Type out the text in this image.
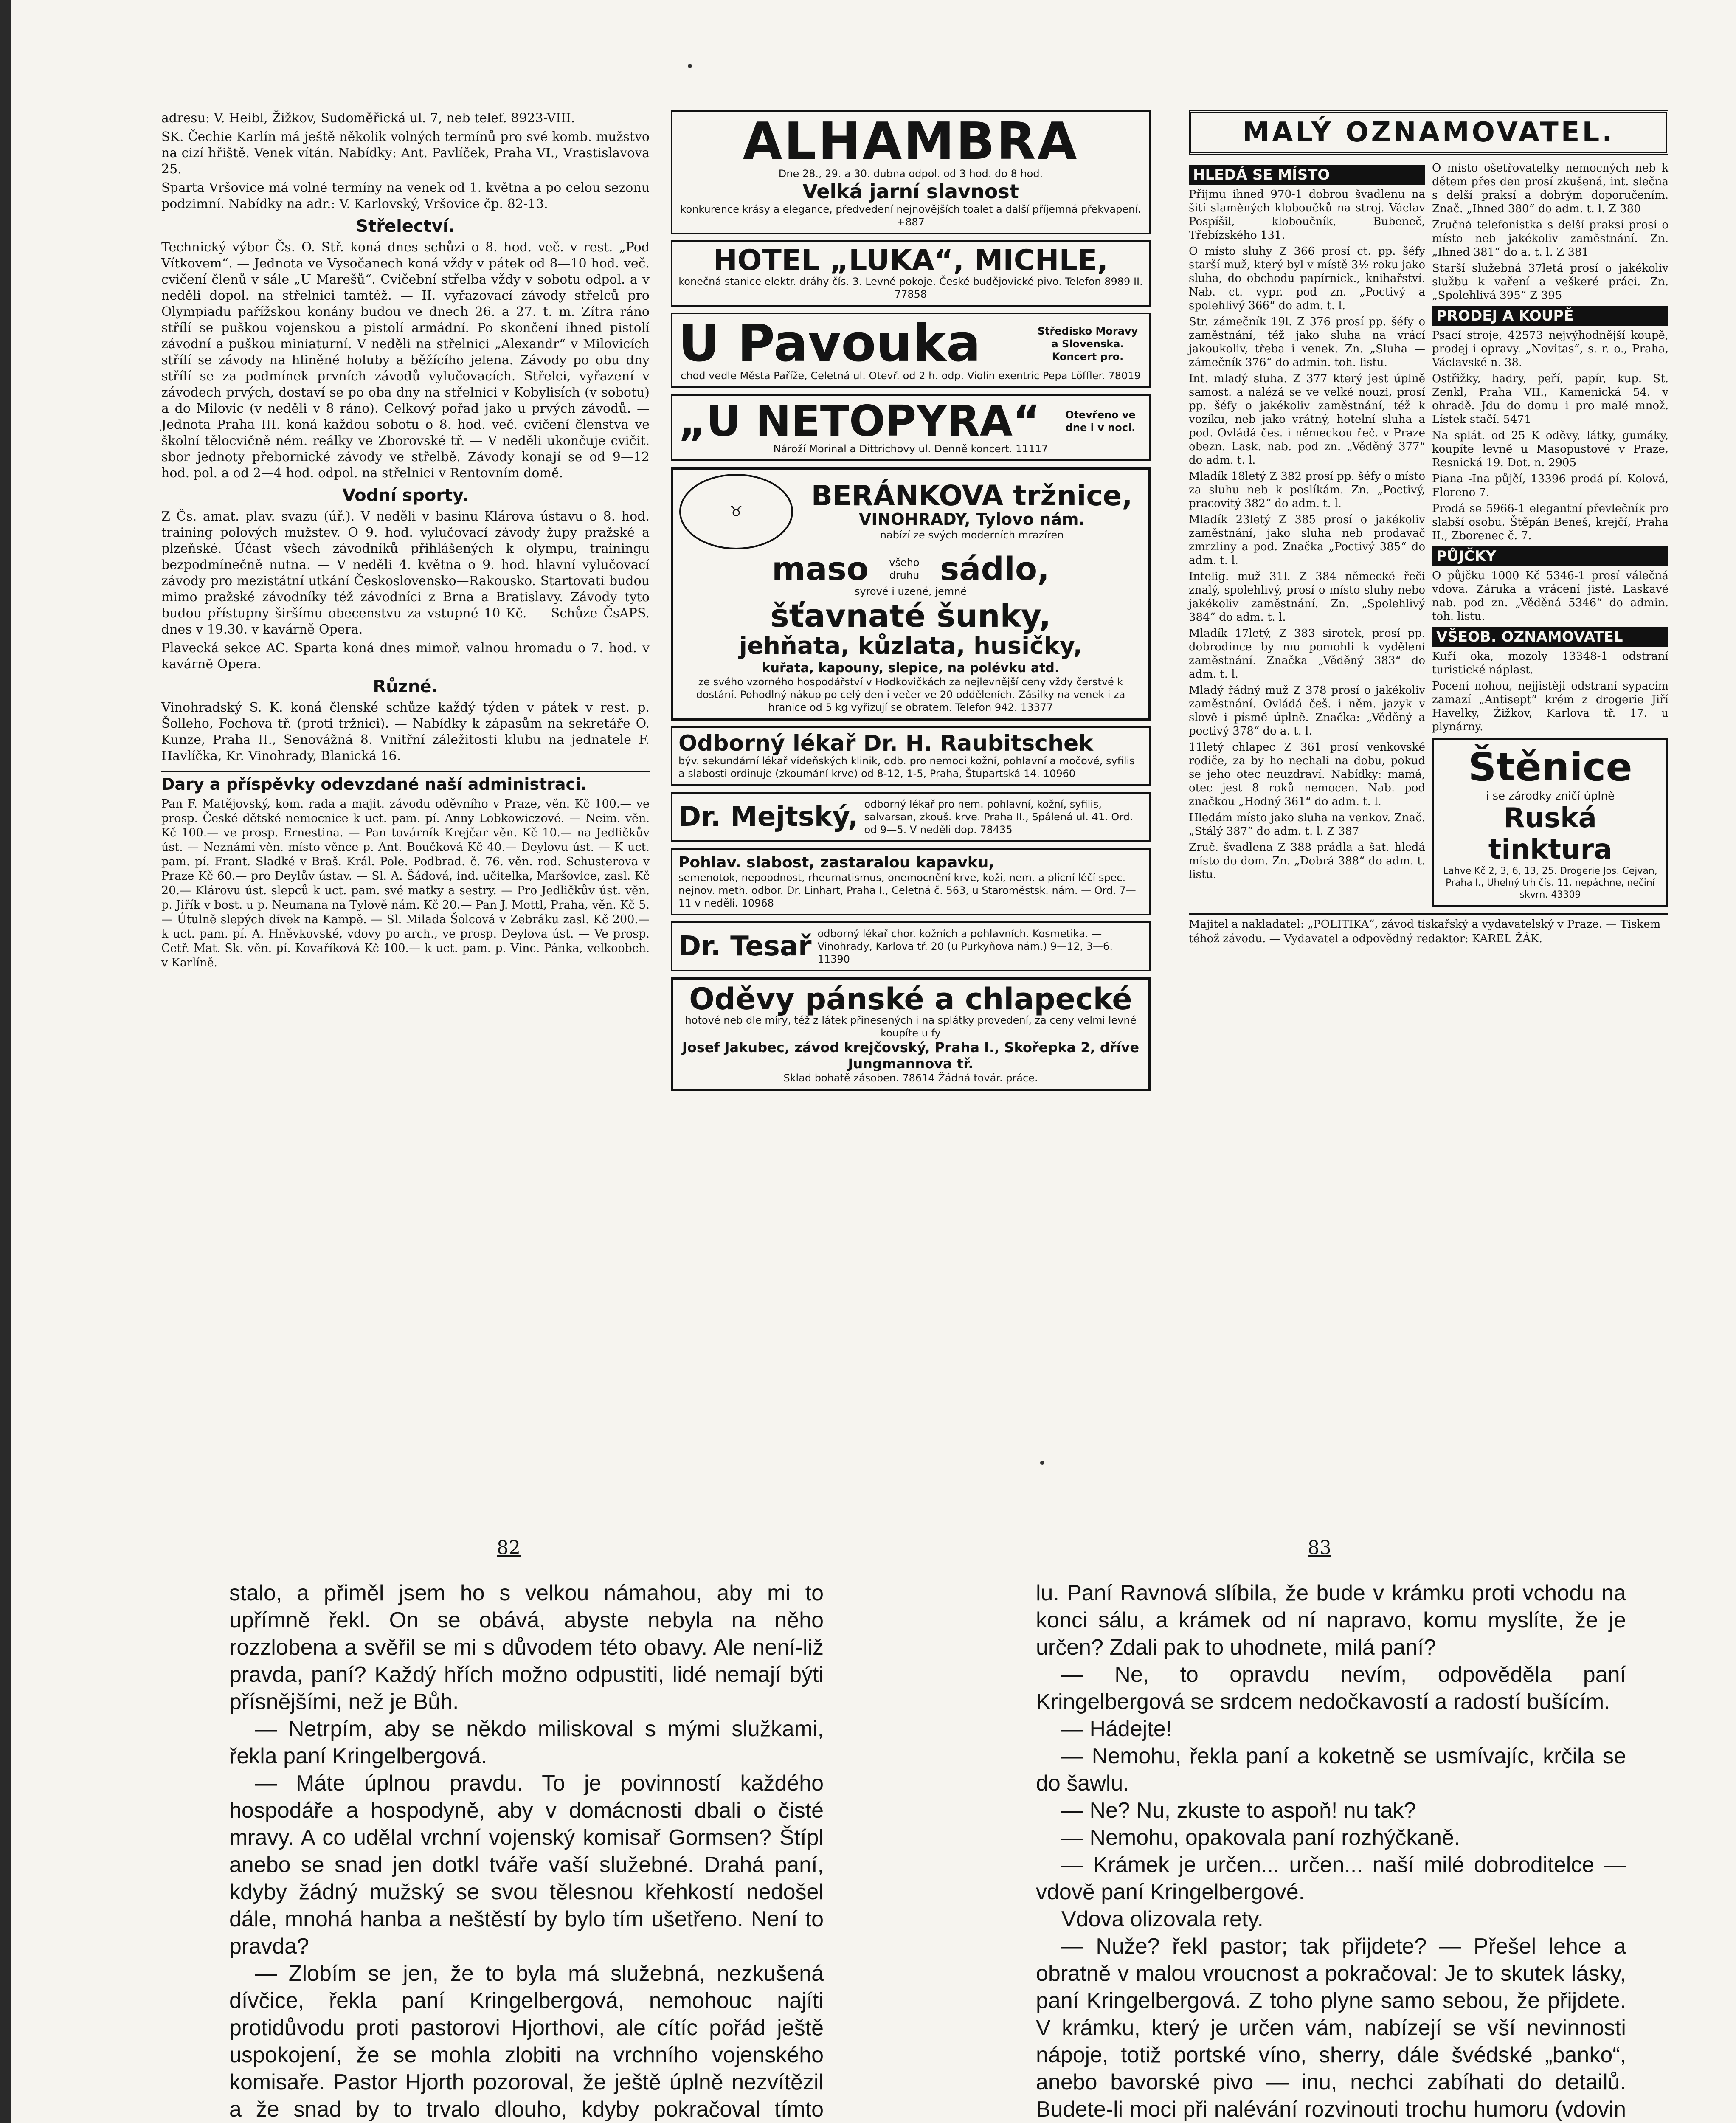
adresu: V. Heibl, Žižkov, Sudoměřická ul. 7, neb telef. 8923-VIII.

SK. Čechie Karlín má ještě několik volných termínů pro své komb. mužstvo na cizí hřiště. Venek vítán. Nabídky: Ant. Pavlíček, Praha VI., Vrastislavova 25.

Sparta Vršovice má volné termíny na venek od 1. května a po celou sezonu podzimní. Nabídky na adr.: V. Karlovský, Vršovice čp. 82-13.

Střelectví.

Technický výbor Čs. O. Stř. koná dnes schůzi o 8. hod. več. v rest. „Pod Vítkovem“. — Jednota ve Vysočanech koná vždy v pátek od 8—10 hod. več. cvičení členů v sále „U Marešů“. Cvičební střelba vždy v sobotu odpol. a v neděli dopol. na střelnici tamtéž. — II. vyřazovací závody střelců pro Olympiadu pařížskou konány budou ve dnech 26. a 27. t. m. Zítra ráno střílí se puškou vojenskou a pistolí armádní. Po skončení ihned pistolí závodní a puškou miniaturní. V neděli na střelnici „Alexandr“ v Milovicích střílí se závody na hliněné holuby a běžícího jelena. Závody po obu dny střílí se za podmínek prvních závodů vylučovacích. Střelci, vyřazení v závodech prvých, dostaví se po oba dny na střelnici v Kobylisích (v sobotu) a do Milovic (v neděli v 8 ráno). Celkový pořad jako u prvých závodů. — Jednota Praha III. koná každou sobotu o 8. hod. več. cvičení členstva ve školní tělocvičně ném. reálky ve Zborovské tř. — V neděli ukončuje cvičit. sbor jednoty přebornické závody ve střelbě. Závody konají se od 9—12 hod. pol. a od 2—4 hod. odpol. na střelnici v Rentovním domě.

Vodní sporty.

Z Čs. amat. plav. svazu (úř.). V neděli v basinu Klárova ústavu o 8. hod. training polových mužstev. O 9. hod. vylučovací závody župy pražské a plzeňské. Účast všech závodníků přihlášených k olympu, trainingu bezpodmínečně nutna. — V neděli 4. května o 9. hod. hlavní vylučovací závody pro mezistátní utkání Československo—Rakousko. Startovati budou mimo pražské závodníky též závodníci z Brna a Bratislavy. Závody tyto budou přístupny širšímu obecenstvu za vstupné 10 Kč. — Schůze ČsAPS. dnes v 19.30. v kavárně Opera.

Plavecká sekce AC. Sparta koná dnes mimoř. valnou hromadu o 7. hod. v kavárně Opera.

Různé.

Vinohradský S. K. koná členské schůze každý týden v pátek v rest. p. Šolleho, Fochova tř. (proti tržnici). — Nabídky k zápasům na sekretáře O. Kunze, Praha II., Senovážná 8. Vnitřní záležitosti klubu na jednatele F. Havlíčka, Kr. Vinohrady, Blanická 16.

Dary a příspěvky odevzdané naší administraci.

Pan F. Matějovský, kom. rada a majit. závodu oděvního v Praze, věn. Kč 100.— ve prosp. České dětské nemocnice k uct. pam. pí. Anny Lobkowiczové. — Neim. věn. Kč 100.— ve prosp. Ernestina. — Pan továrník Krejčar věn. Kč 10.— na Jedličkův úst. — Neznámí věn. místo věnce p. Ant. Boučková Kč 40.— Deylovu úst. — K uct. pam. pí. Frant. Sladké v Braš. Král. Pole. Podbrad. č. 76. věn. rod. Schusterova v Praze Kč 60.— pro Deylův ústav. — Sl. A. Šádová, ind. učitelka, Maršovice, zasl. Kč 20.— Klárovu úst. slepců k uct. pam. své matky a sestry. — Pro Jedličkův úst. věn. p. Jiřík v bost. u p. Neumana na Tylově nám. Kč 20.— Pan J. Mottl, Praha, věn. Kč 5.— Útulně slepých dívek na Kampě. — Sl. Milada Šolcová v Zebráku zasl. Kč 200.— k uct. pam. pí. A. Hněvkovské, vdovy po arch., ve prosp. Deylova úst. — Ve prosp. Cetř. Mat. Sk. věn. pí. Kovaříková Kč 100.— k uct. pam. p. Vinc. Pánka, velkoobch. v Karlíně.

ALHAMBRA
Dne 28., 29. a 30. dubna odpol. od 3 hod. do 8 hod.
Velká jarní slavnost
konkurence krásy a elegance, předvedení nejnovějších toalet a další příjemná překvapení. +887
HOTEL „LUKA“, MICHLE,
konečná stanice elektr. dráhy čís. 3. Levné pokoje. České budějovické pivo. Telefon 8989 II. 77858
U Pavouka	Středisko Moravy a Slovenska. Koncert pro.
chod vedle Města Paříže, Celetná ul. Otevř. od 2 h. odp. Violin exentric Pepa Löffler. 78019
„U NETOPYRA“	Otevřeno ve dne i v noci.
Nároží Morinal a Dittrichovy ul. Denně koncert. 11117
♉	BERÁNKOVA tržnice,
VINOHRADY, Tylovo nám.
nabízí ze svých moderních mrazíren
maso	všeho druhu sádlo,
syrové i uzené, jemné
šťavnaté šunky,
jehňata, kůzlata, husičky,
kuřata, kapouny, slepice, na polévku atd.
ze svého vzorného hospodářství v Hodkovičkách za nejlevnější ceny vždy čerstvé k dostání. Pohodlný nákup po celý den i večer ve 20 odděleních. Zásilky na venek i za hranice od 5 kg vyřizují se obratem. Telefon 942. 13377
Odborný lékař Dr. H. Raubitschek
býv. sekundární lékař vídeňských klinik, odb. pro nemoci kožní, pohlavní a močové, syfilis a slabosti ordinuje (zkoumání krve) od 8-12, 1-5, Praha, Štupartská 14. 10960
Dr. Mejtský, odborný lékař pro nem. pohlavní, kožní, syfilis, salvarsan, zkouš. krve. Praha II., Spálená ul. 41. Ord. od 9—5. V neděli dop. 78435
Pohlav. slabost, zastaralou kapavku,
semenotok, nepoodnost, rheumatismus, onemocnění krve, koži, nem. a plicní léčí spec. nejnov. meth. odbor. Dr. Linhart, Praha I., Celetná č. 563, u Staroměstsk. nám. — Ord. 7—11 v neděli. 10968
Dr. Tesař odborný lékař chor. kožních a pohlavních. Kosmetika. — Vinohrady, Karlova tř. 20 (u Purkyňova nám.) 9—12, 3—6. 11390
Oděvy pánské a chlapecké
hotové neb dle míry, též z látek přinesených i na splátky provedení, za ceny velmi levné koupíte u fy
Josef Jakubec, závod krejčovský, Praha I., Skořepka 2, dříve Jungmannova tř.
Sklad bohatě zásoben. 78614 Žádná továr. práce.
MALÝ OZNAMOVATEL.
HLEDÁ SE MÍSTO
Přijmu ihned 970-1 dobrou švadlenu na šití slaměných kloboučků na stroj. Václav Pospíšil, kloboučník, Bubeneč, Třebízského 131.
O místo sluhy Z 366 prosí ct. pp. šéfy starší muž, který byl v místě 3½ roku jako sluha, do obchodu papírnick., knihařství. Nab. ct. vypr. pod zn. „Poctivý a spolehlivý 366“ do adm. t. l.
Str. zámečník 19l. Z 376 prosí pp. šéfy o zaměstnání, též jako sluha na vrácí jakoukoliv, třeba i venek. Zn. „Sluha — zámečník 376“ do admin. toh. listu.
Int. mladý sluha. Z 377 který jest úplně samost. a nalézá se ve velké nouzi, prosí pp. šéfy o jakékoliv zaměstnání, též k vozíku, neb jako vrátný, hotelní sluha a pod. Ovládá čes. i německou řeč. v Praze obezn. Lask. nab. pod zn. „Věděný 377“ do adm. t. l.
Mladík 18letý Z 382 prosí pp. šéfy o místo za sluhu neb k poslíkám. Zn. „Poctivý, pracovitý 382“ do adm. t. l.
Mladík 23letý Z 385 prosí o jakékoliv zaměstnání, jako sluha neb prodavač zmrzliny a pod. Značka „Poctivý 385“ do adm. t. l.
Intelig. muž 31l. Z 384 německé řeči znalý, spolehlivý, prosí o místo sluhy nebo jakékoliv zaměstnání. Zn. „Spolehlivý 384“ do adm. t. l.
Mladík 17letý, Z 383 sirotek, prosí pp. dobrodince by mu pomohli k vydělení zaměstnání. Značka „Věděný 383“ do adm. t. l.
Mladý řádný muž Z 378 prosí o jakékoliv zaměstnání. Ovládá češ. i něm. jazyk v slově i písmě úplně. Značka: „Věděný a poctivý 378“ do a. t. l.
11letý chlapec Z 361 prosí venkovské rodiče, za by ho nechali na dobu, pokud se jeho otec neuzdraví. Nabídky: mamá, otec jest 8 roků nemocen. Nab. pod značkou „Hodný 361“ do adm. t. l.
Hledám místo jako sluha na venkov. Znač. „Stálý 387“ do adm. t. l. Z 387
Zruč. švadlena Z 388 prádla a šat. hledá místo do dom. Zn. „Dobrá 388“ do adm. t. listu.
O místo ošetřovatelky nemocných neb k dětem přes den prosí zkušená, int. slečna s delší praksí a dobrým doporučením. Znač. „Ihned 380“ do adm. t. l. Z 380
Zručná telefonistka s delší praksí prosí o místo neb jakékoliv zaměstnání. Zn. „Ihned 381“ do a. t. l. Z 381
Starší služebná 37letá prosí o jakékoliv službu k vaření a veškeré práci. Zn. „Spolehlivá 395“ Z 395
PRODEJ A KOUPĚ
Psací stroje, 42573 nejvýhodnější koupě, prodej i opravy. „Novitas“, s. r. o., Praha, Václavské n. 38.
Ostřižky, hadry, peří, papír, kup. St. Zenkl, Praha VII., Kamenická 54. v ohradě. Jdu do domu i pro malé množ. Lístek stačí. 5471
Na splát. od 25 K oděvy, látky, gumáky, koupíte levně u Masopustové v Praze, Resnická 19. Dot. n. 2905
Piana -Ina půjčí, 13396 prodá pí. Kolová, Floreno 7.
Prodá se 5966-1 elegantní převlečník pro slabší osobu. Štěpán Beneš, krejčí, Praha II., Zborenec č. 7.
PŮJČKY
O půjčku 1000 Kč 5346-1 prosí válečná vdova. Záruka a vrácení jisté. Laskavé nab. pod zn. „Věděná 5346“ do admin. toh. listu.
VŠEOB. OZNAMOVATEL
Kuří oka, mozoly 13348-1 odstraní turistické náplast.
Pocení nohou, nejjistěji odstraní sypacím zamazí „Antisept“ krém z drogerie Jiří Havelky, Žižkov, Karlova tř. 17. u plynárny.
Štěnice
i se zárodky zničí úplně
Ruská tinktura
Lahve Kč 2, 3, 6, 13, 25. Drogerie Jos. Cejvan, Praha I., Uhelný trh čís. 11. nepáchne, nečiní skvrn. 43309
Majitel a nakladatel: „POLITIKA“, závod tiskařský a vydavatelský v Praze. — Tiskem téhož závodu. — Vydavatel a odpovědný redaktor: KAREL ŽÁK.
82	83

stalo, a přiměl jsem ho s velkou námahou, aby mi to upřímně řekl. On se obává, abyste nebyla na něho rozzlobena a svěřil se mi s důvodem této obavy. Ale není-liž pravda, paní? Každý hřích možno odpustiti, lidé nemají býti přísnějšími, než je Bůh.

— Netrpím, aby se někdo miliskoval s mými služkami, řekla paní Kringelbergová.

— Máte úplnou pravdu. To je povinností každého hospodáře a hospodyně, aby v domácnosti dbali o čisté mravy. A co udělal vrchní vojenský komisař Gormsen? Štípl anebo se snad jen dotkl tváře vaší služebné. Drahá paní, kdyby žádný mužský se svou tělesnou křehkostí nedošel dále, mnohá hanba a neštěstí by bylo tím ušetřeno. Není to pravda?

— Zlobím se jen, že to byla má služebná, nezkušená dívčice, řekla paní Kringelbergová, nemohouc najíti protidůvodu proti pastorovi Hjorthovi, ale cítíc pořád ještě uspokojení, že se mohla zlobiti na vrchního vojenského komisaře. Pastor Hjorth pozoroval, že ještě úplně nezvítězil a že snad by to trvalo dlouho, kdyby pokračoval tímto

lu. Paní Ravnová slíbila, že bude v krámku proti vchodu na konci sálu, a krámek od ní napravo, komu myslíte, že je určen? Zdali pak to uhodnete, milá paní?

— Ne, to opravdu nevím, odpověděla paní Kringelbergová se srdcem nedočkavostí a radostí bušícím.

— Hádejte!

— Nemohu, řekla paní a koketně se usmívajíc, krčila se do šawlu.

— Ne? Nu, zkuste to aspoň! nu tak?

— Nemohu, opakovala paní rozhýčkaně.

— Krámek je určen... určen... naší milé dobroditelce — vdově paní Kringelbergové.

Vdova olizovala rety.

— Nuže? řekl pastor; tak přijdete? — Přešel lehce a obratně v malou vroucnost a pokračoval: Je to skutek lásky, paní Kringelbergová. Z toho plyne samo sebou, že přijdete. V krámku, který je určen vám, nabízejí se vší nevinnosti nápoje, totiž portské víno, sherry, dále švédské „banko“, anebo bavorské pivo — inu, nechci zabíhati do detailů. Budete-li moci při nalévání rozvinouti trochu humoru (vdovin
